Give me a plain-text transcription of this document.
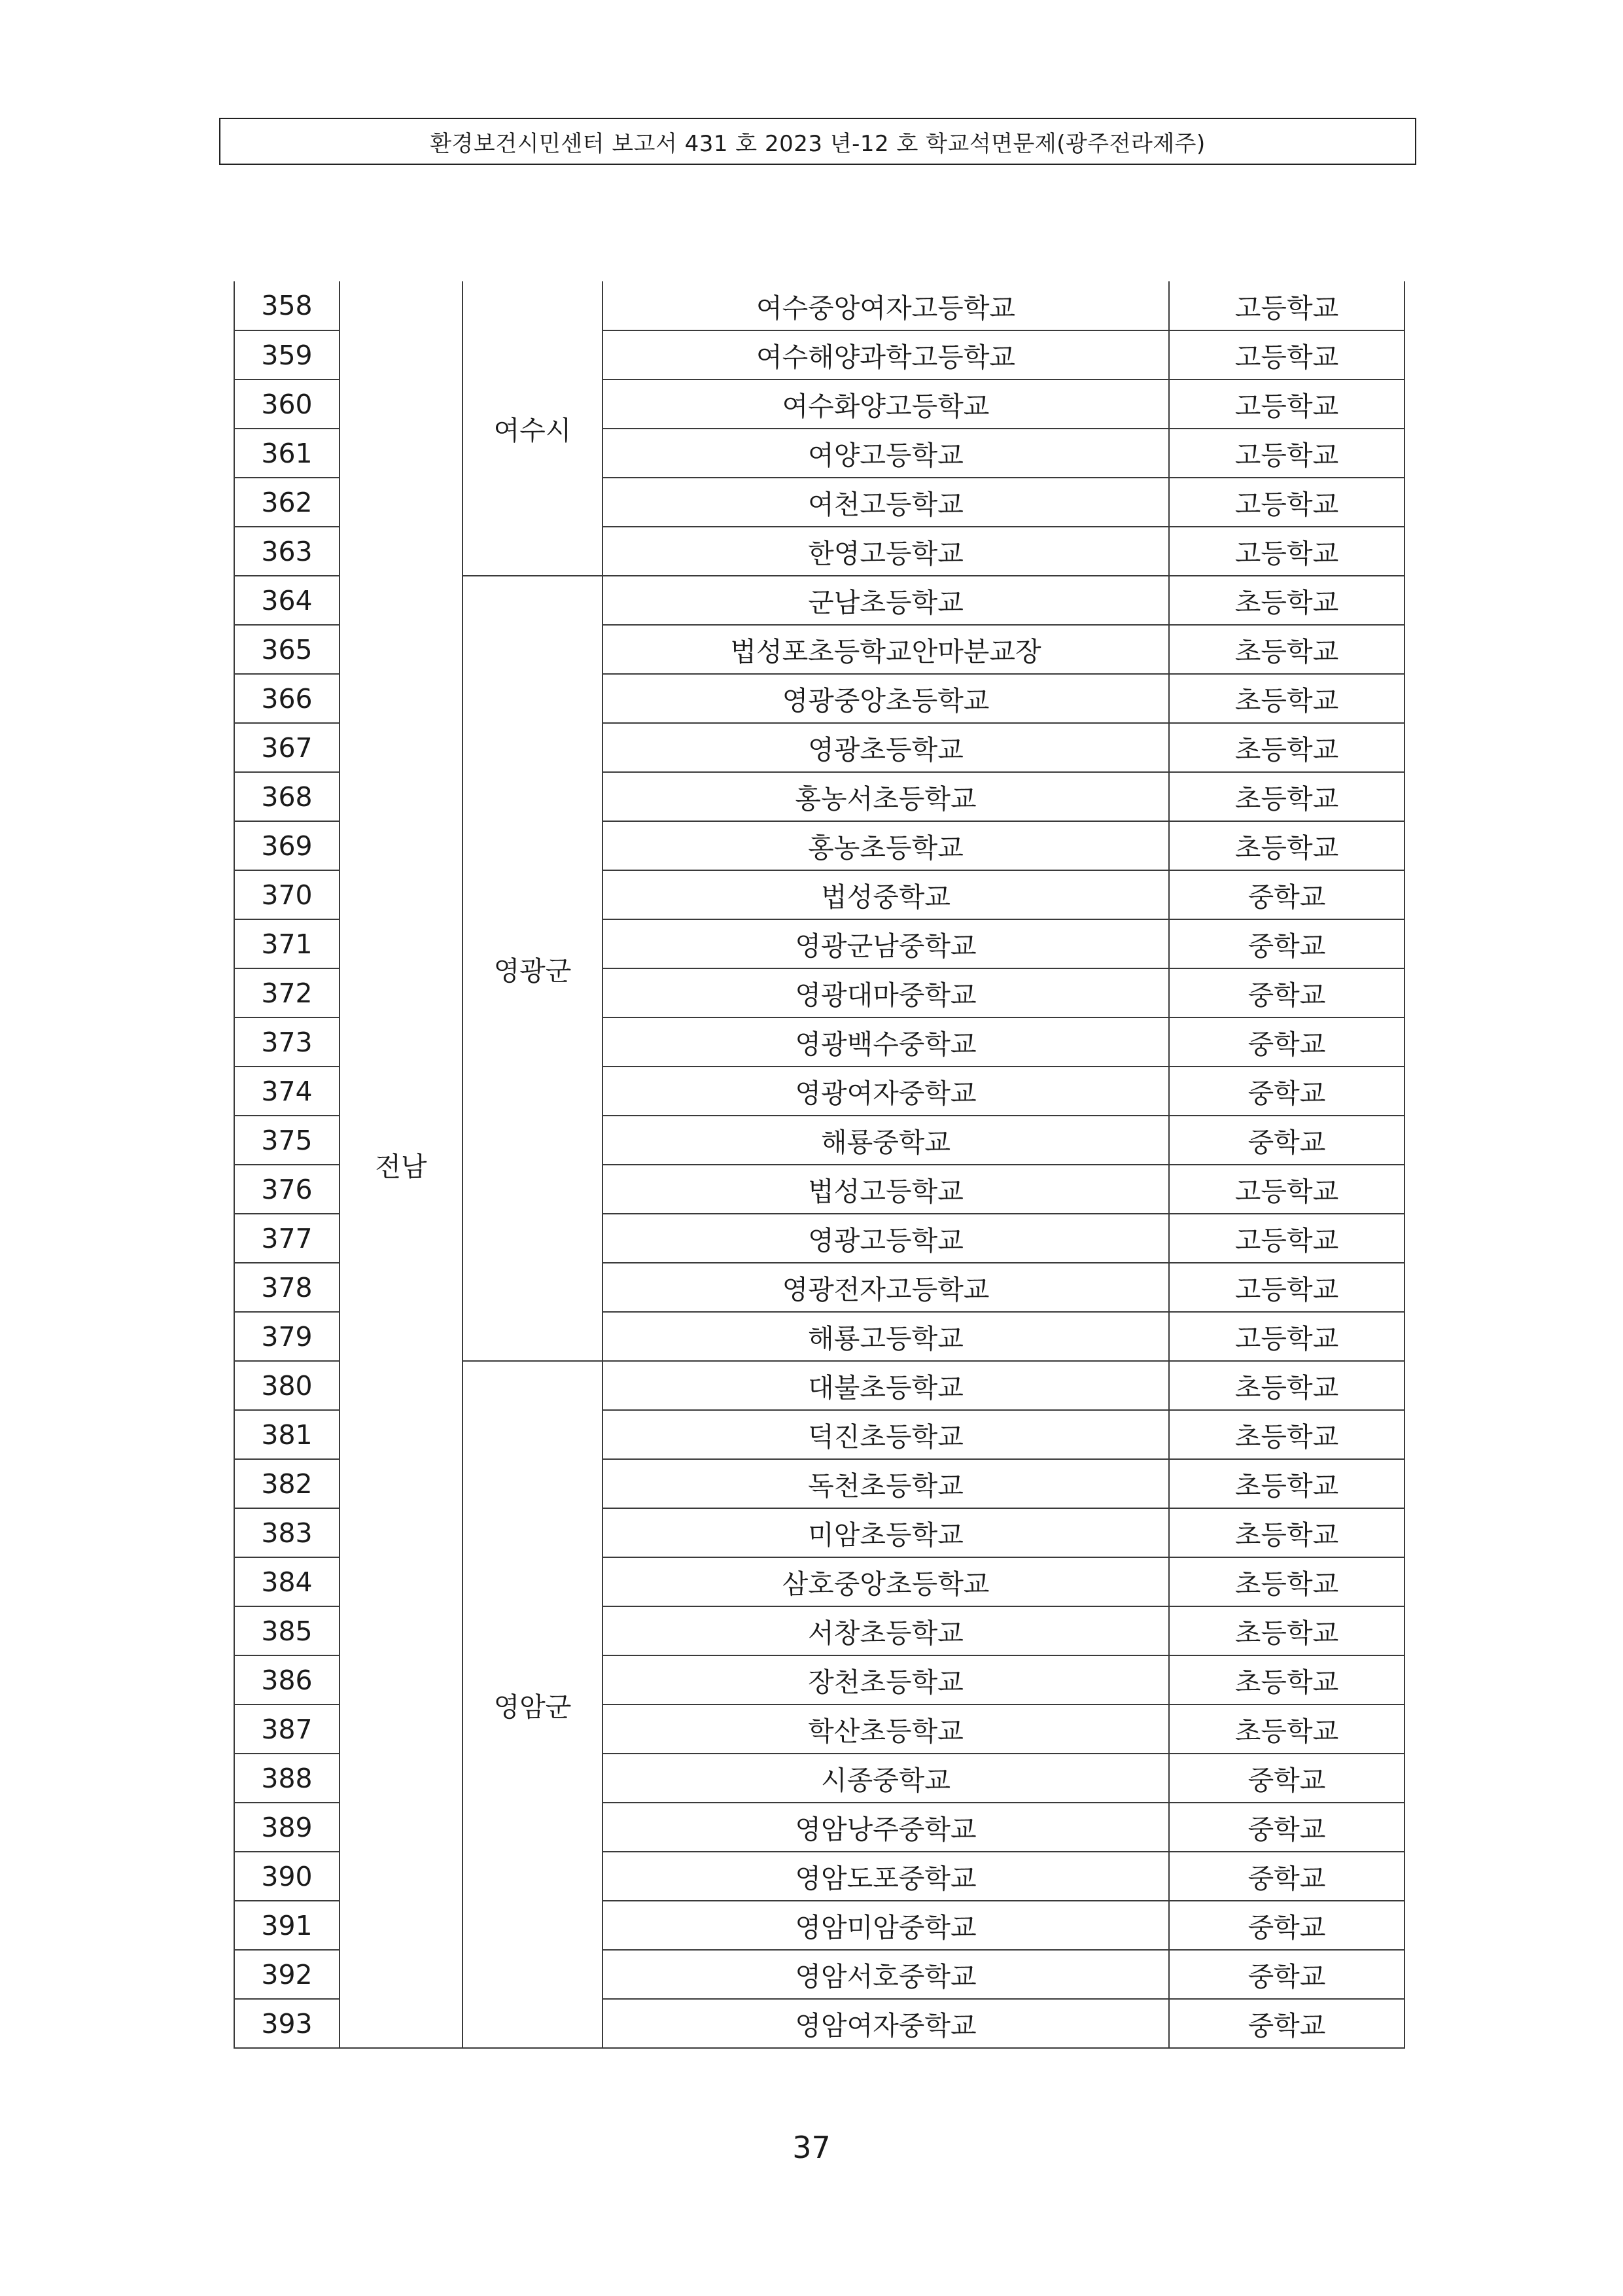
환경보건시민센터 보고서 431 호 2023 년-12 호 학교석면문제(광주전라제주)
358	전남	여수시	여수중앙여자고등학교	고등학교
359			여수해양과학고등학교	고등학교
360			여수화양고등학교	고등학교
361			여양고등학교	고등학교
362			여천고등학교	고등학교
363			한영고등학교	고등학교
364		영광군	군남초등학교	초등학교
365			법성포초등학교안마분교장	초등학교
366			영광중앙초등학교	초등학교
367			영광초등학교	초등학교
368			홍농서초등학교	초등학교
369			홍농초등학교	초등학교
370			법성중학교	중학교
371			영광군남중학교	중학교
372			영광대마중학교	중학교
373			영광백수중학교	중학교
374			영광여자중학교	중학교
375			해룡중학교	중학교
376			법성고등학교	고등학교
377			영광고등학교	고등학교
378			영광전자고등학교	고등학교
379			해룡고등학교	고등학교
380		영암군	대불초등학교	초등학교
381			덕진초등학교	초등학교
382			독천초등학교	초등학교
383			미암초등학교	초등학교
384			삼호중앙초등학교	초등학교
385			서창초등학교	초등학교
386			장천초등학교	초등학교
387			학산초등학교	초등학교
388			시종중학교	중학교
389			영암낭주중학교	중학교
390			영암도포중학교	중학교
391			영암미암중학교	중학교
392			영암서호중학교	중학교
393			영암여자중학교	중학교
37
